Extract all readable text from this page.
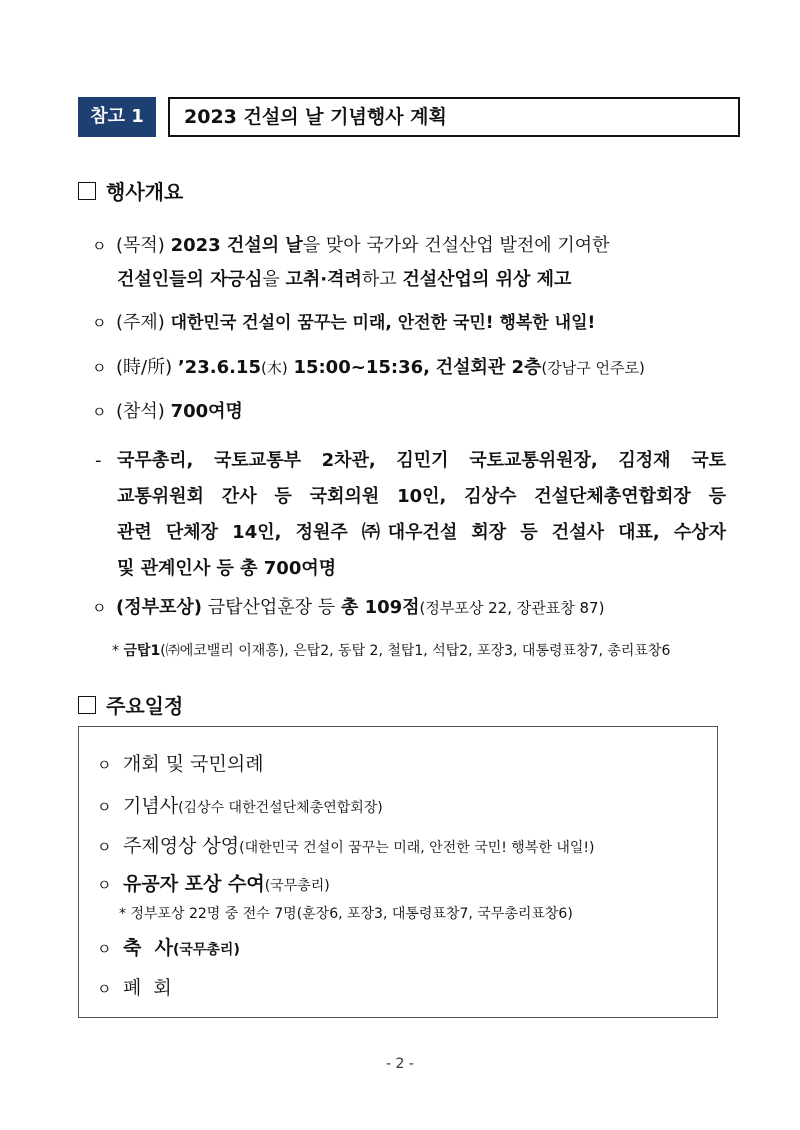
참고 1	2023 건설의 날 기념행사 계획
행사개요
ㅇ (목적) 2023 건설의 날을 맞아 국가와 건설산업 발전에 기여한
건설인들의 자긍심을 고취·격려하고 건설산업의 위상 제고
ㅇ (주제) 대한민국 건설이 꿈꾸는 미래, 안전한 국민! 행복한 내일!
ㅇ (時/所) ’23.6.15(木) 15:00~15:36, 건설회관 2층(강남구 언주로)
ㅇ (참석) 700여명
- 국무총리, 국토교통부 2차관, 김민기 국토교통위원장, 김정재 국토
교통위원회 간사 등 국회의원 10인, 김상수 건설단체총연합회장 등
관련 단체장 14인, 정원주 ㈜대우건설 회장 등 건설사 대표, 수상자
및 관계인사 등 총 700여명
ㅇ (정부포상) 금탑산업훈장 등 총 109점(정부포상 22, 장관표창 87)
* 금탑1(㈜에코밸리 이재흥), 은탑2, 동탑 2, 철탑1, 석탑2, 포장3, 대통령표창7, 총리표창6
주요일정
ㅇ 개회 및 국민의례
ㅇ 기념사(김상수 대한건설단체총연합회장)
ㅇ 주제영상 상영(대한민국 건설이 꿈꾸는 미래, 안전한 국민! 행복한 내일!)
ㅇ 유공자 포상 수여(국무총리)
* 정부포상 22명 중 전수 7명(훈장6, 포장3, 대통령표창7, 국무총리표창6)
ㅇ 축  사(국무총리)
ㅇ 폐  회
- 2 -
